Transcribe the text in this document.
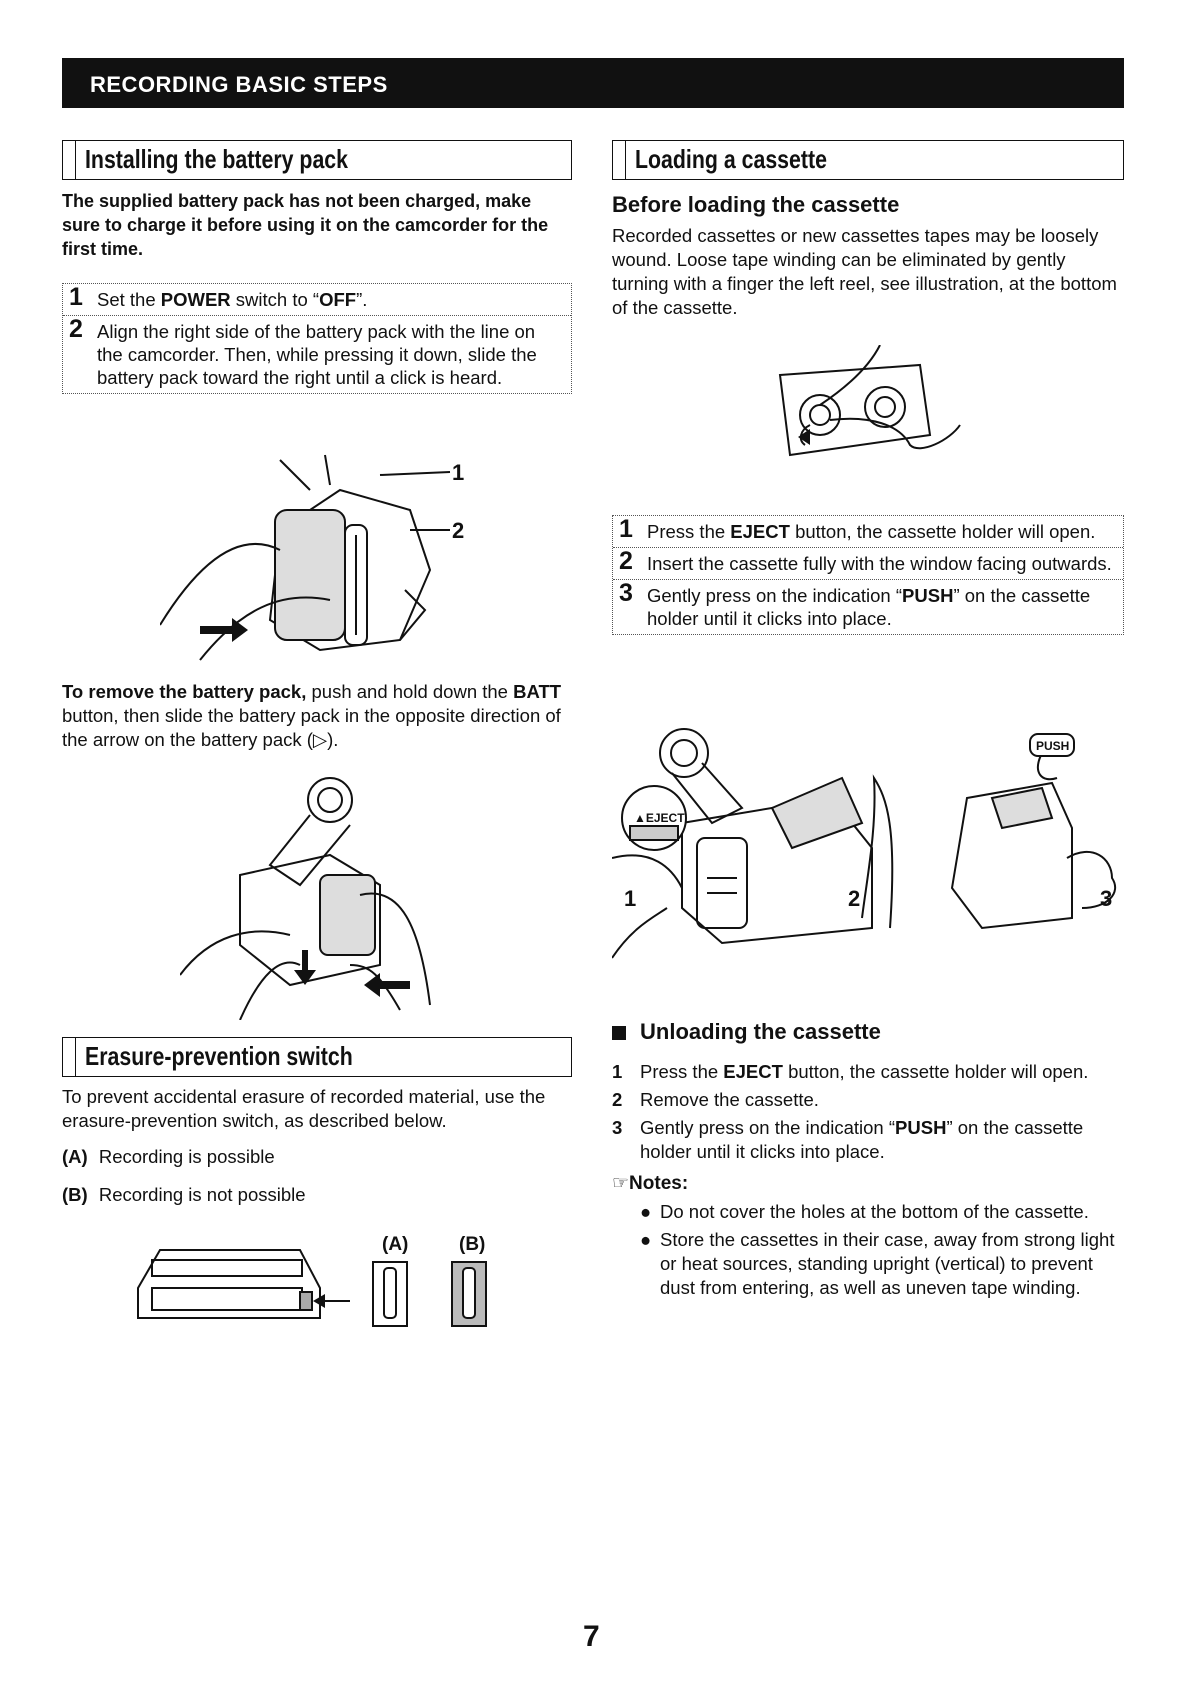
RECORDING BASIC STEPS
Installing the battery pack
The supplied battery pack has not been charged, make sure to charge it before using it on the camcorder for the first time.
1 Set the POWER switch to “OFF”.
2 Align the right side of the battery pack with the line on the camcorder. Then, while pressing it down, slide the battery pack toward the right until a click is heard.
1
2
To remove the battery pack, push and hold down the BATT button, then slide the battery pack in the opposite direction of the arrow on the battery pack (▷).
Erasure-prevention switch
To prevent accidental erasure of recorded material, use the erasure-prevention switch, as described below.
(A) Recording is possible
(B) Recording is not possible
(A)	(B)
Loading a cassette
Before loading the cassette
Recorded cassettes or new cassettes tapes may be loosely wound. Loose tape winding can be eliminated by gently turning with a finger the left reel, see illustration, at the bottom of the cassette.
1 Press the EJECT button, the cassette holder will open.
2 Insert the cassette fully with the window facing outwards.
3 Gently press on the indication “PUSH” on the cassette holder until it clicks into place.
▲EJECT
PUSH
1	2	3
Unloading the cassette
1 Press the EJECT button, the cassette holder will open.
2 Remove the cassette.
3 Gently press on the indication “PUSH” on the cassette holder until it clicks into place.
☞Notes:
● Do not cover the holes at the bottom of the cassette.
● Store the cassettes in their case, away from strong light or heat sources, standing upright (vertical) to prevent dust from entering, as well as uneven tape winding.
7
